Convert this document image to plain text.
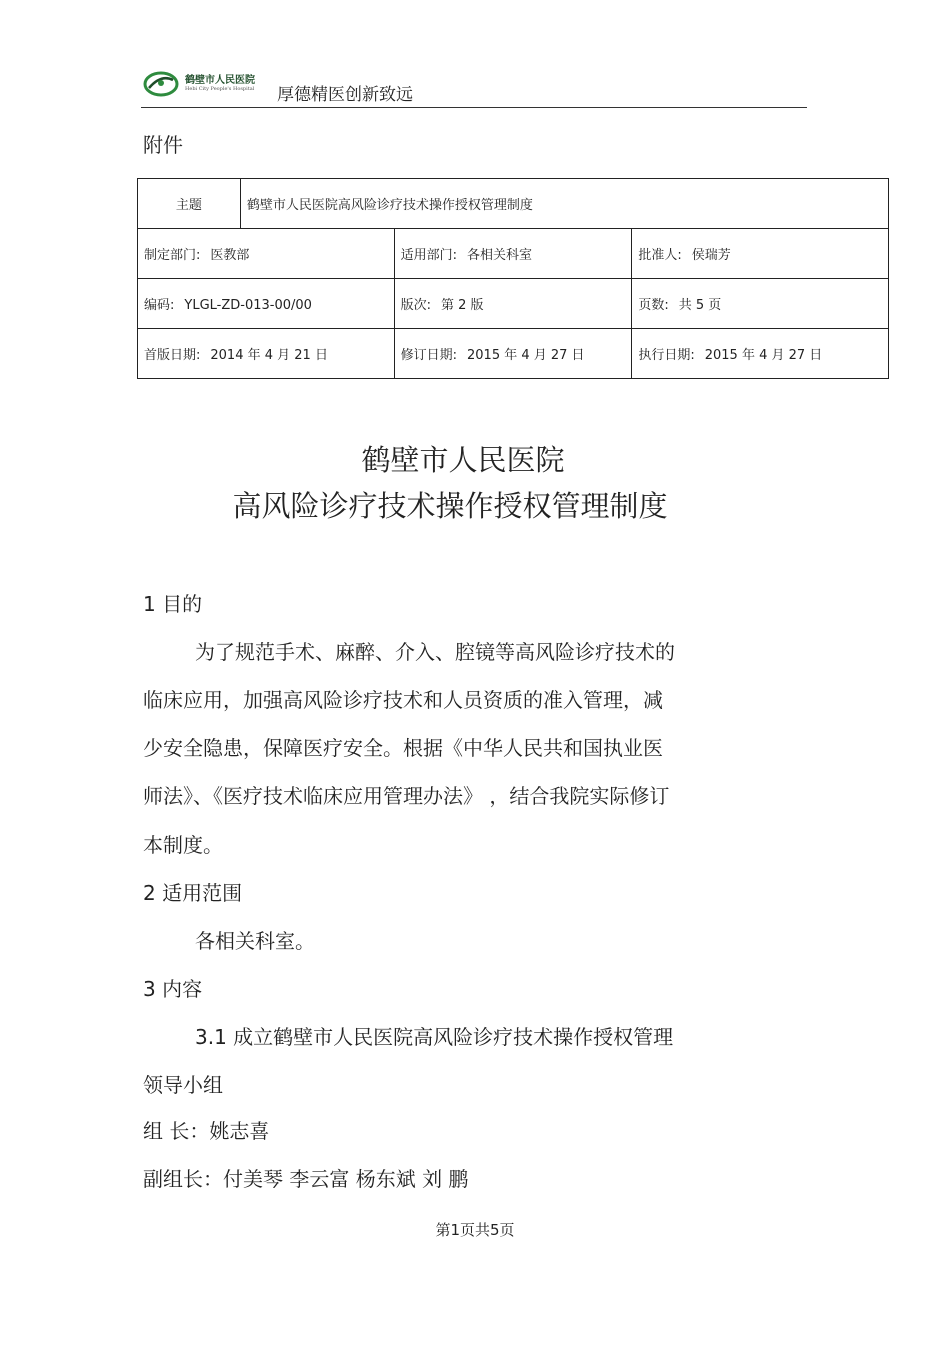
鹤壁市人民医院
Hebi City People's Hospital 厚德精医创新致远
附件
主题	鹤壁市人民医院高风险诊疗技术操作授权管理制度		
制定部门: 医教部		适用部门: 各相关科室	批准人: 侯瑞芳
编码: YLGL-ZD-013-00/00		版次: 第 2 版	页数: 共 5 页
首版日期: 2014 年 4 月 21 日		修订日期: 2015 年 4 月 27 日	执行日期: 2015 年 4 月 27 日
鹤壁市人民医院
高风险诊疗技术操作授权管理制度
1 目的
为了规范手术、麻醉、介入、腔镜等高风险诊疗技术的
临床应用，加强高风险诊疗技术和人员资质的准入管理，减
少安全隐患，保障医疗安全。根据《中华人民共和国执业医
师法》、《医疗技术临床应用管理办法》 ，结合我院实际修订
本制度。
2 适用范围
各相关科室。
3 内容
3.1 成立鹤壁市人民医院高风险诊疗技术操作授权管理
领导小组
组 长：姚志喜
副组长：付美琴 李云富 杨东斌 刘 鹏
第1页共5页
